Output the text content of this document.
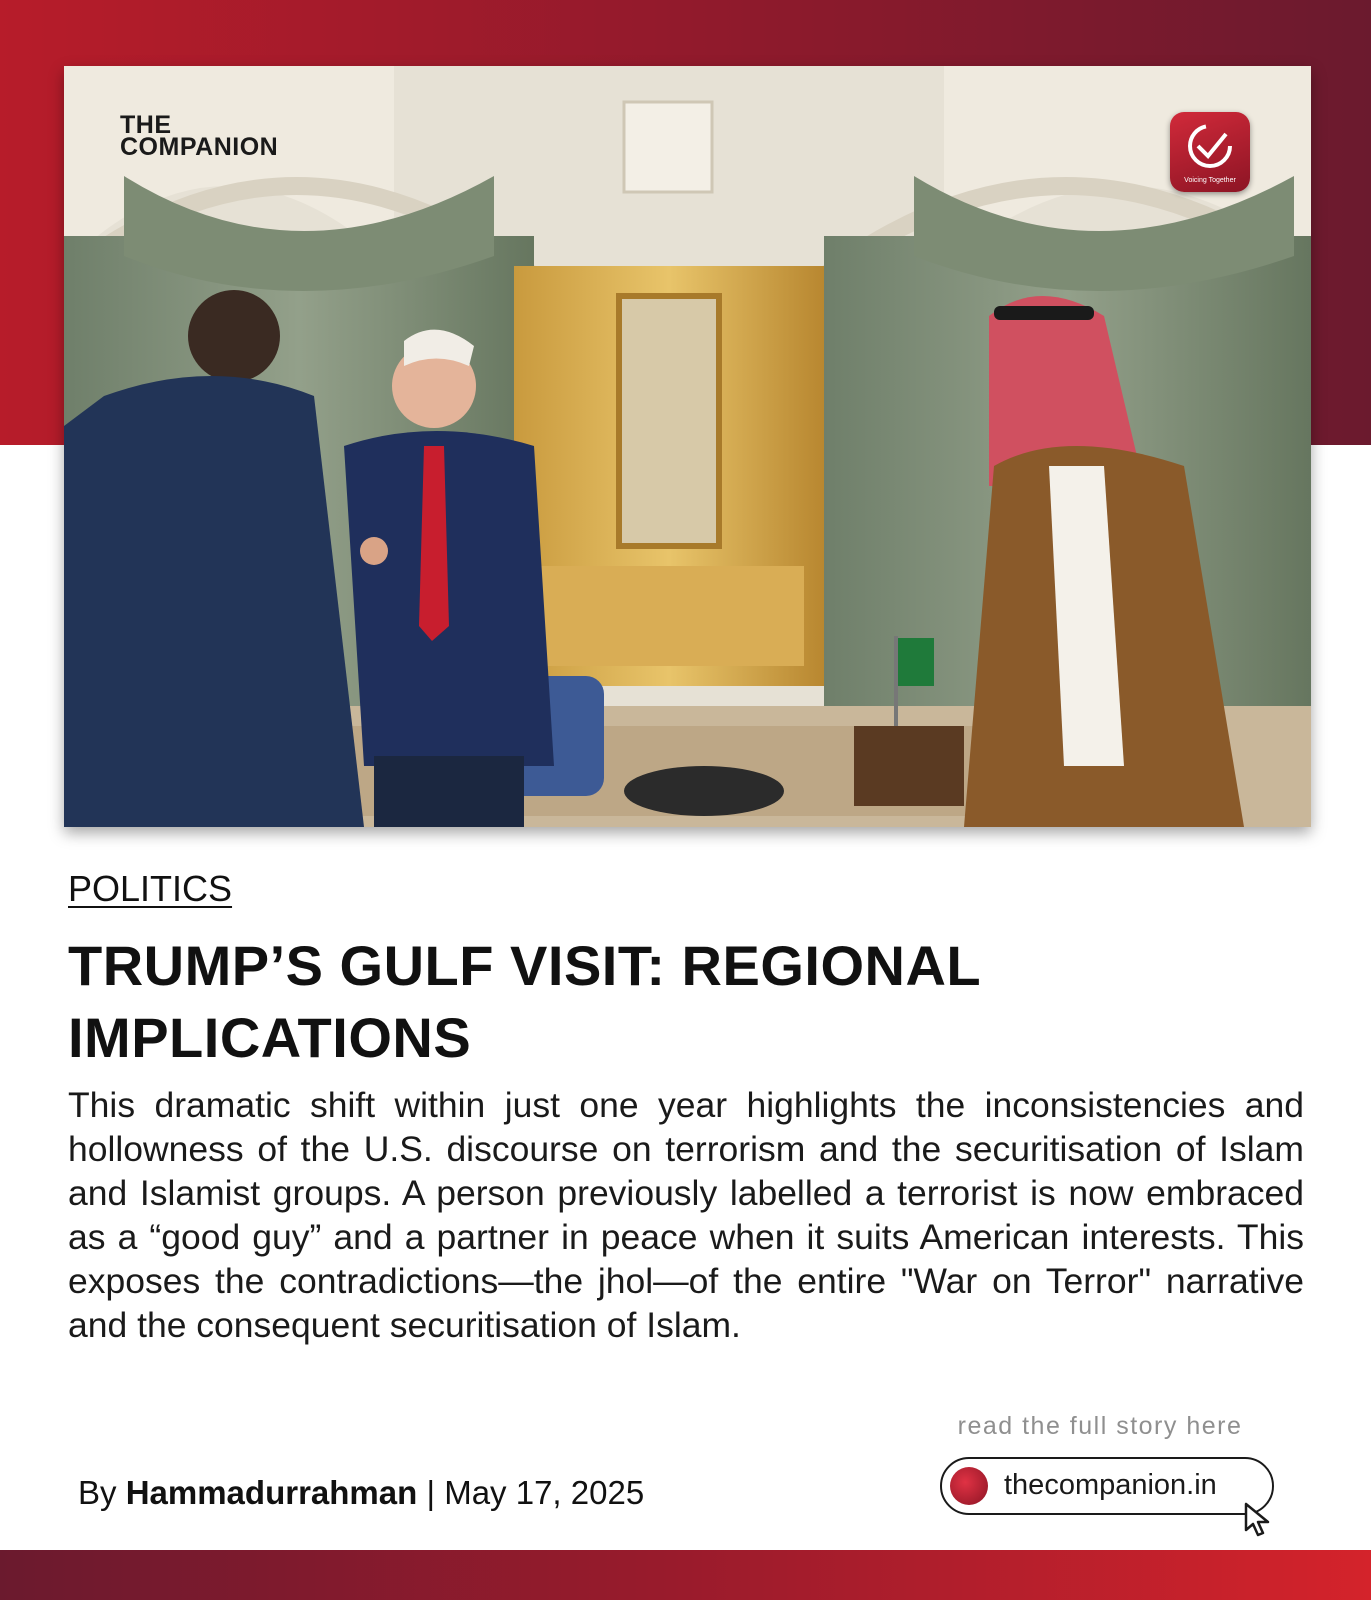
THE
COMPANION
Voicing Together
POLITICS
TRUMP’S GULF VISIT: REGIONAL IMPLICATIONS

This dramatic shift within just one year highlights the inconsistencies and hollowness of the U.S. discourse on terrorism and the securitisation of Islam and Islamist groups. A person previously labelled a terrorist is now embraced as a “good guy” and a partner in peace when it suits American interests. This exposes the contradictions—the jhol—of the entire "War on Terror" narrative and the consequent securitisation of Islam.

read the full story here
thecompanion.in
By Hammadurrahman | May 17, 2025
